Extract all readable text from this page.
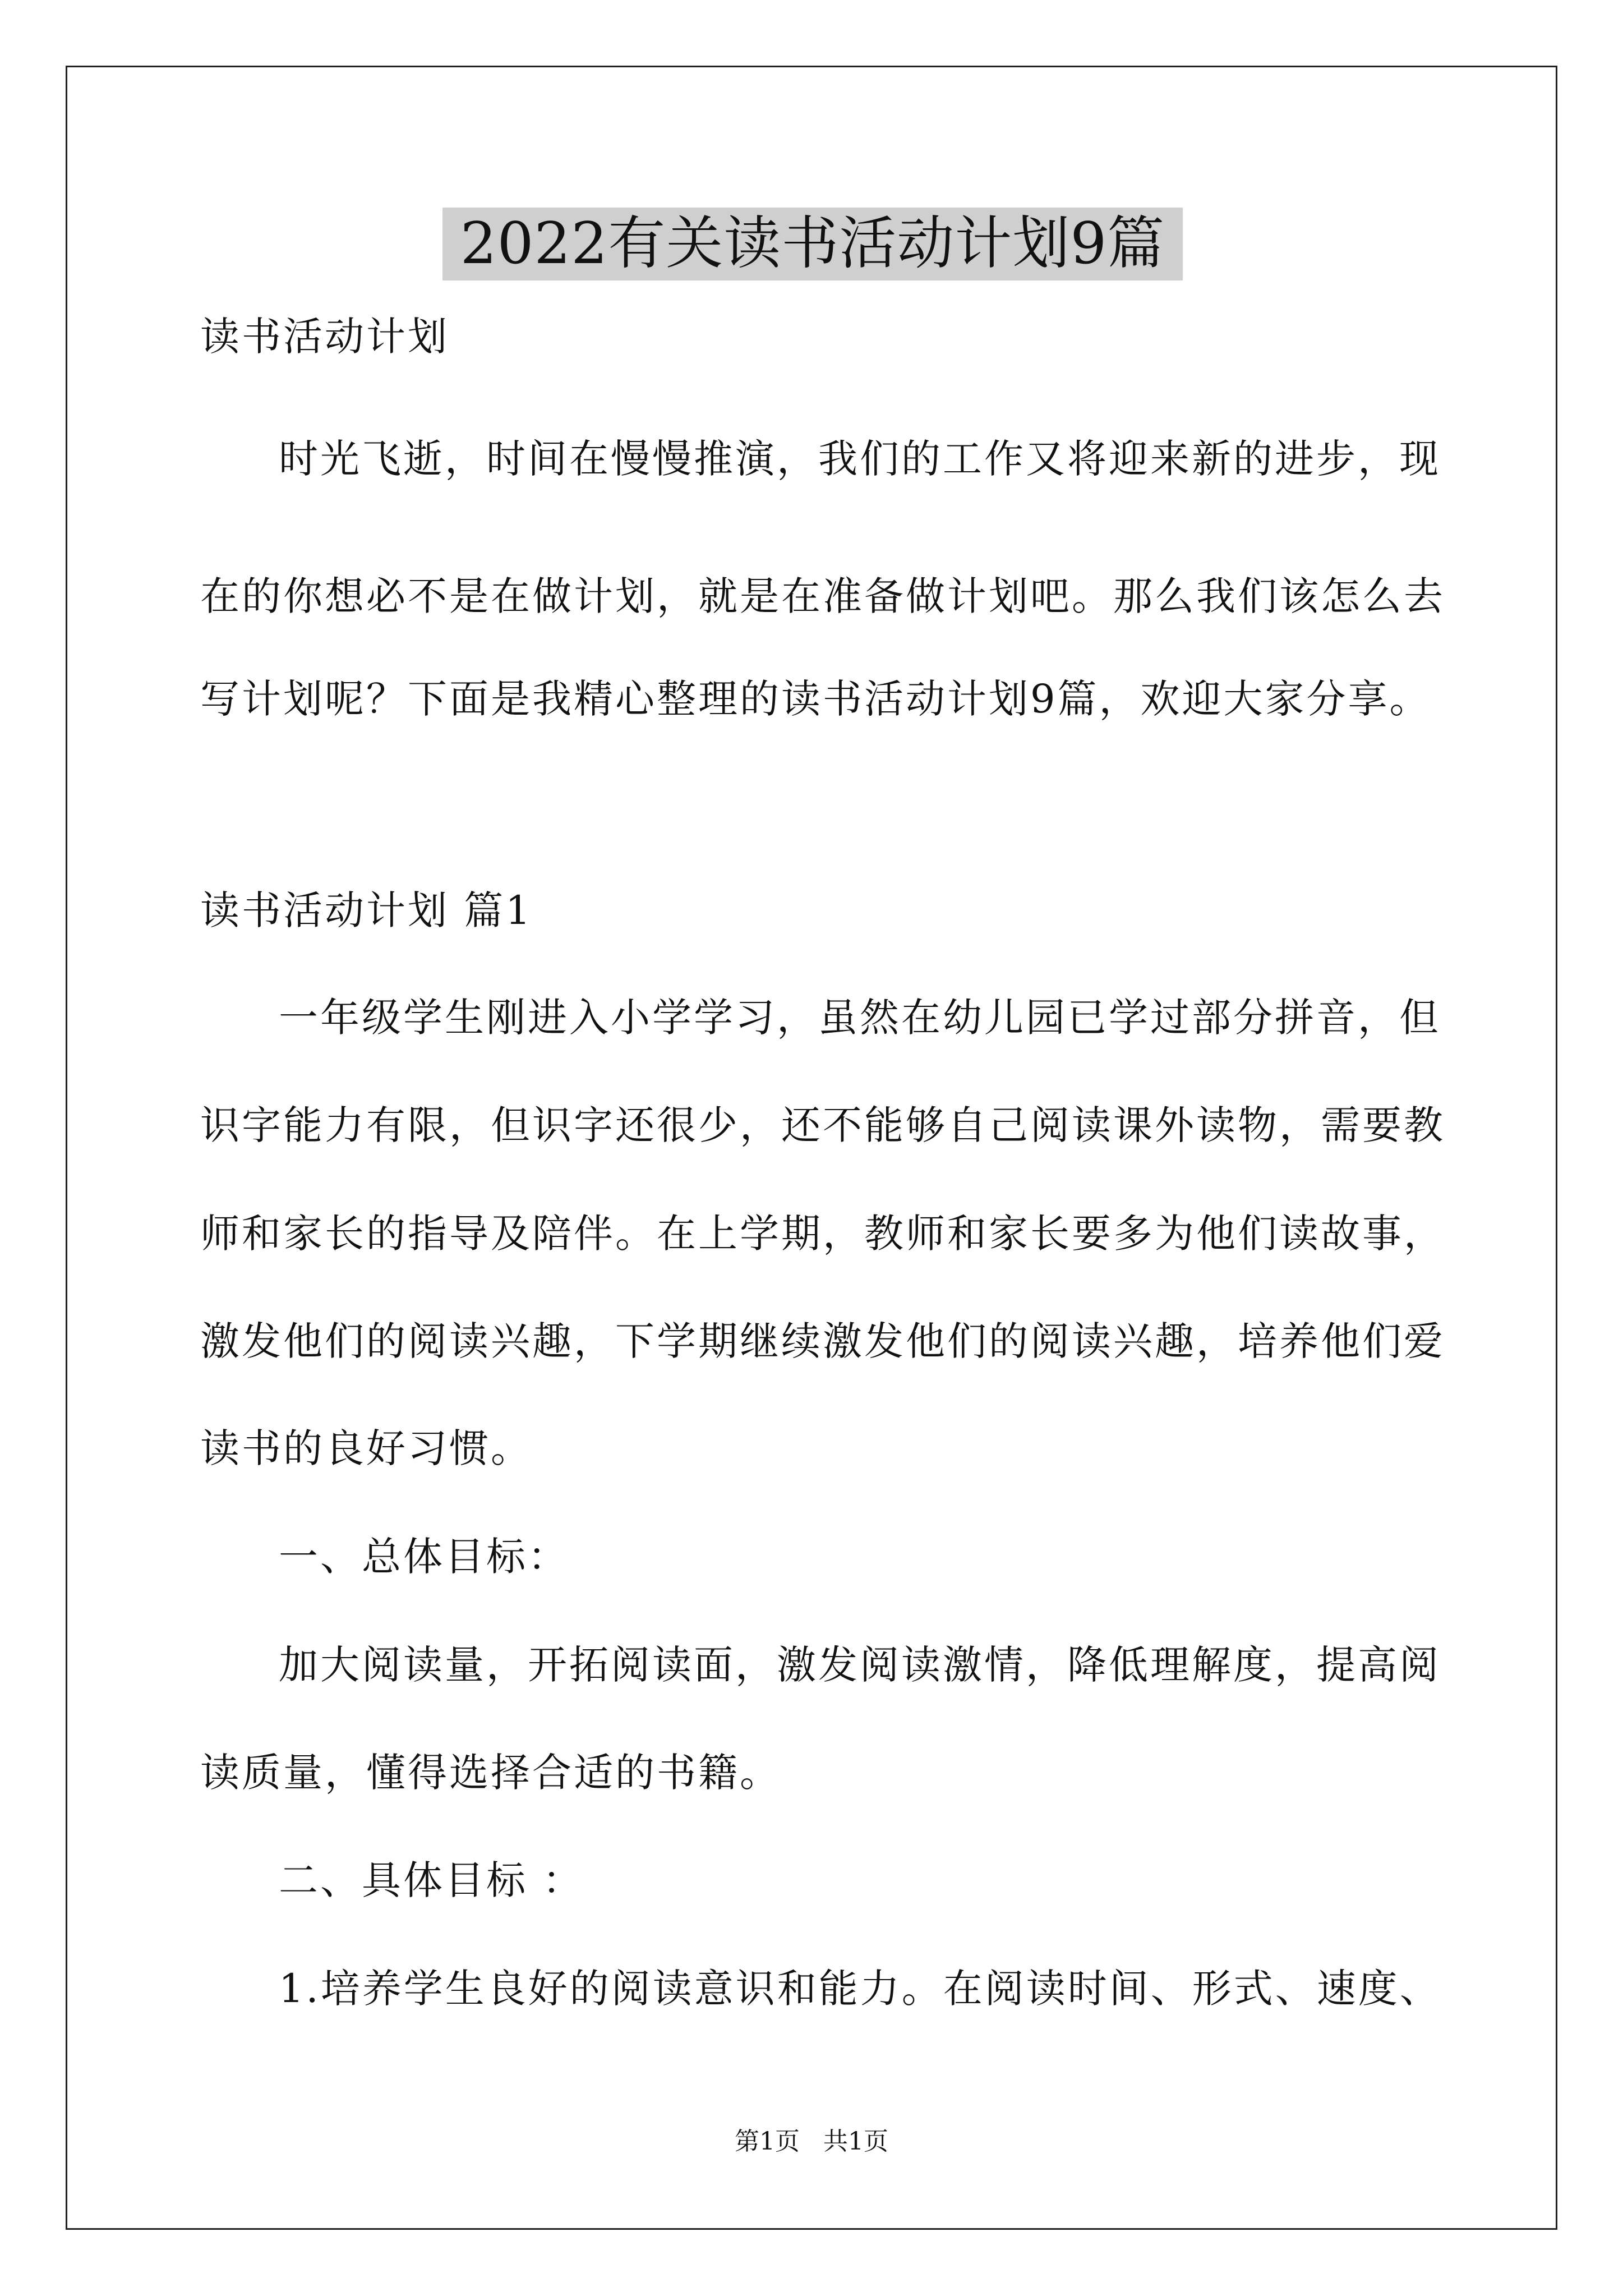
2022有关读书活动计划9篇
读书活动计划
时光飞逝，时间在慢慢推演，我们的工作又将迎来新的进步，现
在的你想必不是在做计划，就是在准备做计划吧。那么我们该怎么去
写计划呢？下面是我精心整理的读书活动计划9篇，欢迎大家分享。
读书活动计划 篇1
一年级学生刚进入小学学习，虽然在幼儿园已学过部分拼音，但
识字能力有限，但识字还很少，还不能够自己阅读课外读物，需要教
师和家长的指导及陪伴。在上学期，教师和家长要多为他们读故事，
激发他们的阅读兴趣，下学期继续激发他们的阅读兴趣，培养他们爱
读书的良好习惯。
一、总体目标：
加大阅读量，开拓阅读面，激发阅读激情，降低理解度，提高阅
读质量，懂得选择合适的书籍。
二、具体目标 ：
1.培养学生良好的阅读意识和能力。在阅读时间、形式、速度、
第1页   共1页
